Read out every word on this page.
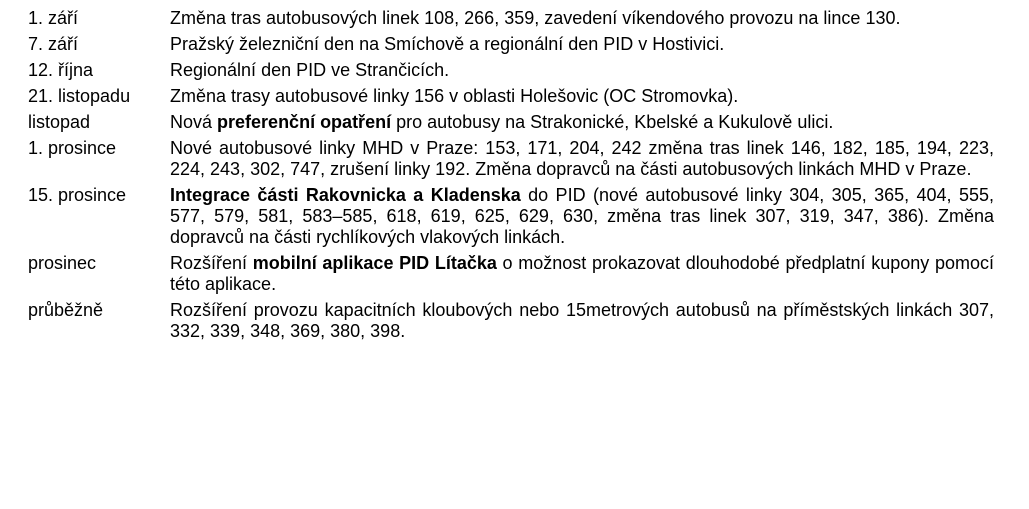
1. září	Změna tras autobusových linek 108, 266, 359, zavedení víkendového provozu na lince 130.
7. září	Pražský železniční den na Smíchově a regionální den PID v Hostivici.
12. října	Regionální den PID ve Strančicích.
21. listopadu	Změna trasy autobusové linky 156 v oblasti Holešovic (OC Stromovka).
listopad	Nová preferenční opatření pro autobusy na Strakonické, Kbelské a Kukulově ulici.
1. prosince	Nové autobusové linky MHD v Praze: 153, 171, 204, 242 změna tras linek 146, 182, 185, 194, 223, 224, 243, 302, 747, zrušení linky 192. Změna dopravců na části autobusových linkách MHD v Praze.
15. prosince	Integrace části Rakovnicka a Kladenska do PID (nové autobusové linky 304, 305, 365, 404, 555, 577, 579, 581, 583–585, 618, 619, 625, 629, 630, změna tras linek 307, 319, 347, 386). Změna dopravců na části rychlíkových vlakových linkách.
prosinec	Rozšíření mobilní aplikace PID Lítačka o možnost prokazovat dlouhodobé předplatní kupony pomocí této aplikace.
průběžně	Rozšíření provozu kapacitních kloubových nebo 15metrových autobusů na příměstských linkách 307, 332, 339, 348, 369, 380, 398.
